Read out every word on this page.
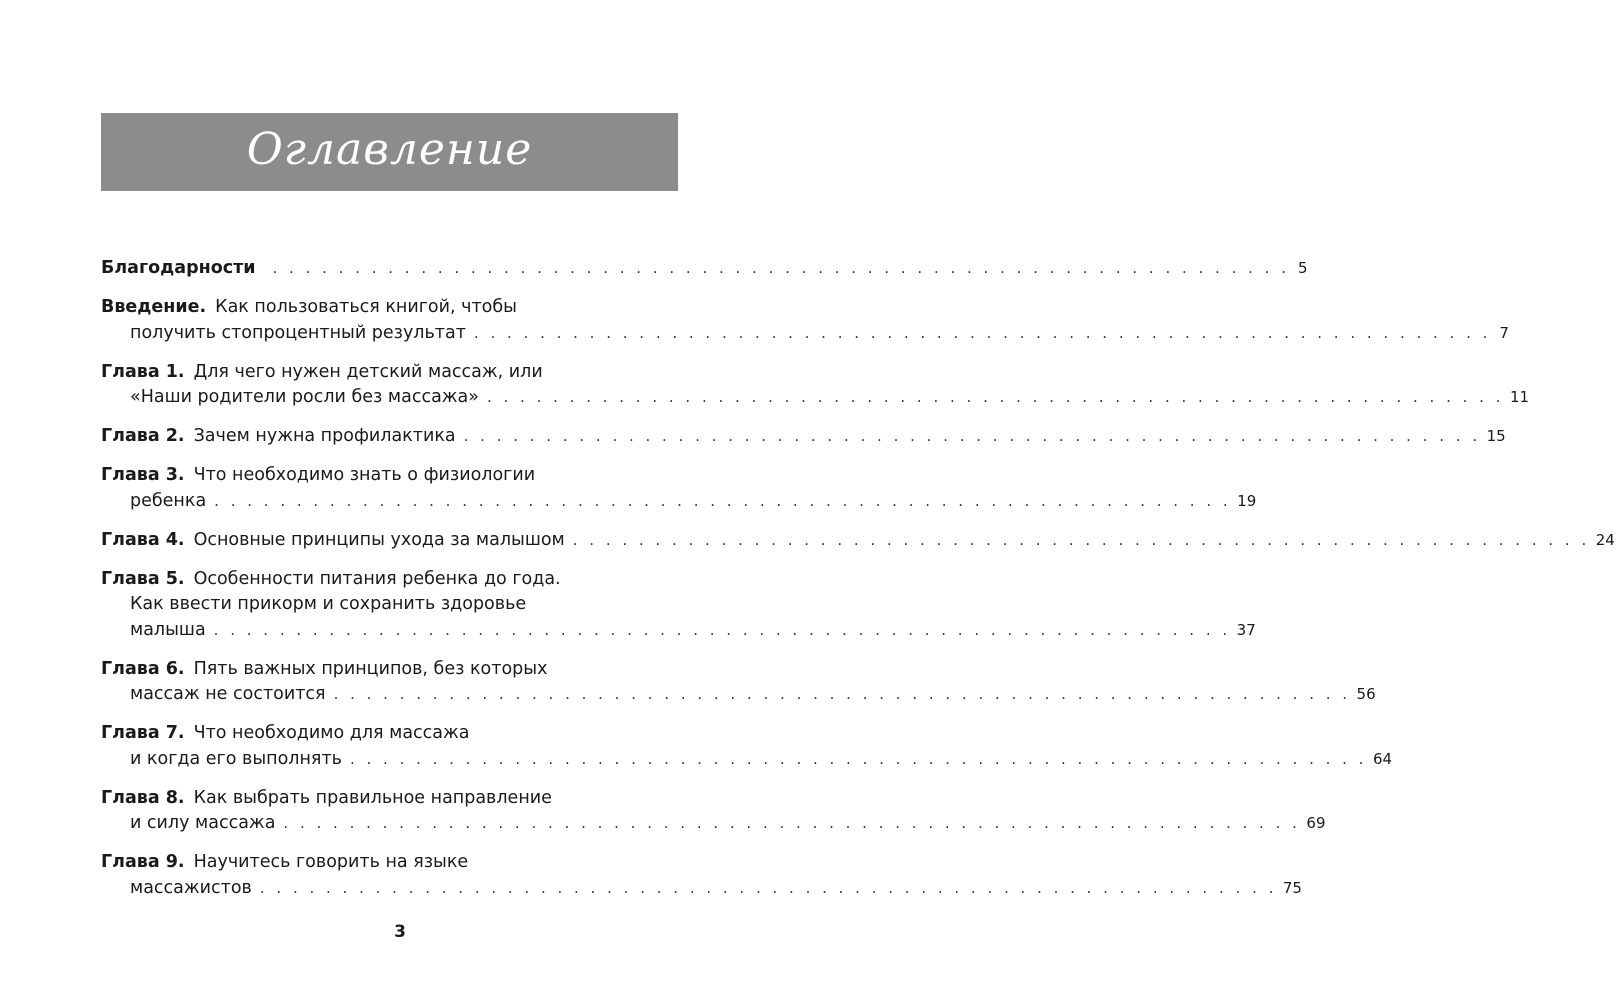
Оглавление
Благодарности . . . . . . . . . . . . . . . . . . . . . . . . . . . . . . . . . . . . . . . . . . . . . . . . . . . . . . . . . . . . . . 5
Введение. Как пользоваться книгой, чтобы
получить стопроцентный результат . . . . . . . . . . . . . . . . . . . . . . . . . . . . . . . . . . . . . . . . . . . . . . . . . . . . . . . . . . . . . . 7
Глава 1. Для чего нужен детский массаж, или
«Наши родители росли без массажа» . . . . . . . . . . . . . . . . . . . . . . . . . . . . . . . . . . . . . . . . . . . . . . . . . . . . . . . . . . . . . . 11
Глава 2. Зачем нужна профилактика . . . . . . . . . . . . . . . . . . . . . . . . . . . . . . . . . . . . . . . . . . . . . . . . . . . . . . . . . . . . . . 15
Глава 3. Что необходимо знать о физиологии
ребенка . . . . . . . . . . . . . . . . . . . . . . . . . . . . . . . . . . . . . . . . . . . . . . . . . . . . . . . . . . . . . . 19
Глава 4. Основные принципы ухода за малышом . . . . . . . . . . . . . . . . . . . . . . . . . . . . . . . . . . . . . . . . . . . . . . . . . . . . . . . . . . . . . . 24
Глава 5. Особенности питания ребенка до года.
Как ввести прикорм и сохранить здоровье
малыша . . . . . . . . . . . . . . . . . . . . . . . . . . . . . . . . . . . . . . . . . . . . . . . . . . . . . . . . . . . . . . 37
Глава 6. Пять важных принципов, без которых
массаж не состоится . . . . . . . . . . . . . . . . . . . . . . . . . . . . . . . . . . . . . . . . . . . . . . . . . . . . . . . . . . . . . . 56
Глава 7. Что необходимо для массажа
и когда его выполнять . . . . . . . . . . . . . . . . . . . . . . . . . . . . . . . . . . . . . . . . . . . . . . . . . . . . . . . . . . . . . . 64
Глава 8. Как выбрать правильное направление
и силу массажа . . . . . . . . . . . . . . . . . . . . . . . . . . . . . . . . . . . . . . . . . . . . . . . . . . . . . . . . . . . . . . 69
Глава 9. Научитесь говорить на языке
массажистов . . . . . . . . . . . . . . . . . . . . . . . . . . . . . . . . . . . . . . . . . . . . . . . . . . . . . . . . . . . . . . 75
3
